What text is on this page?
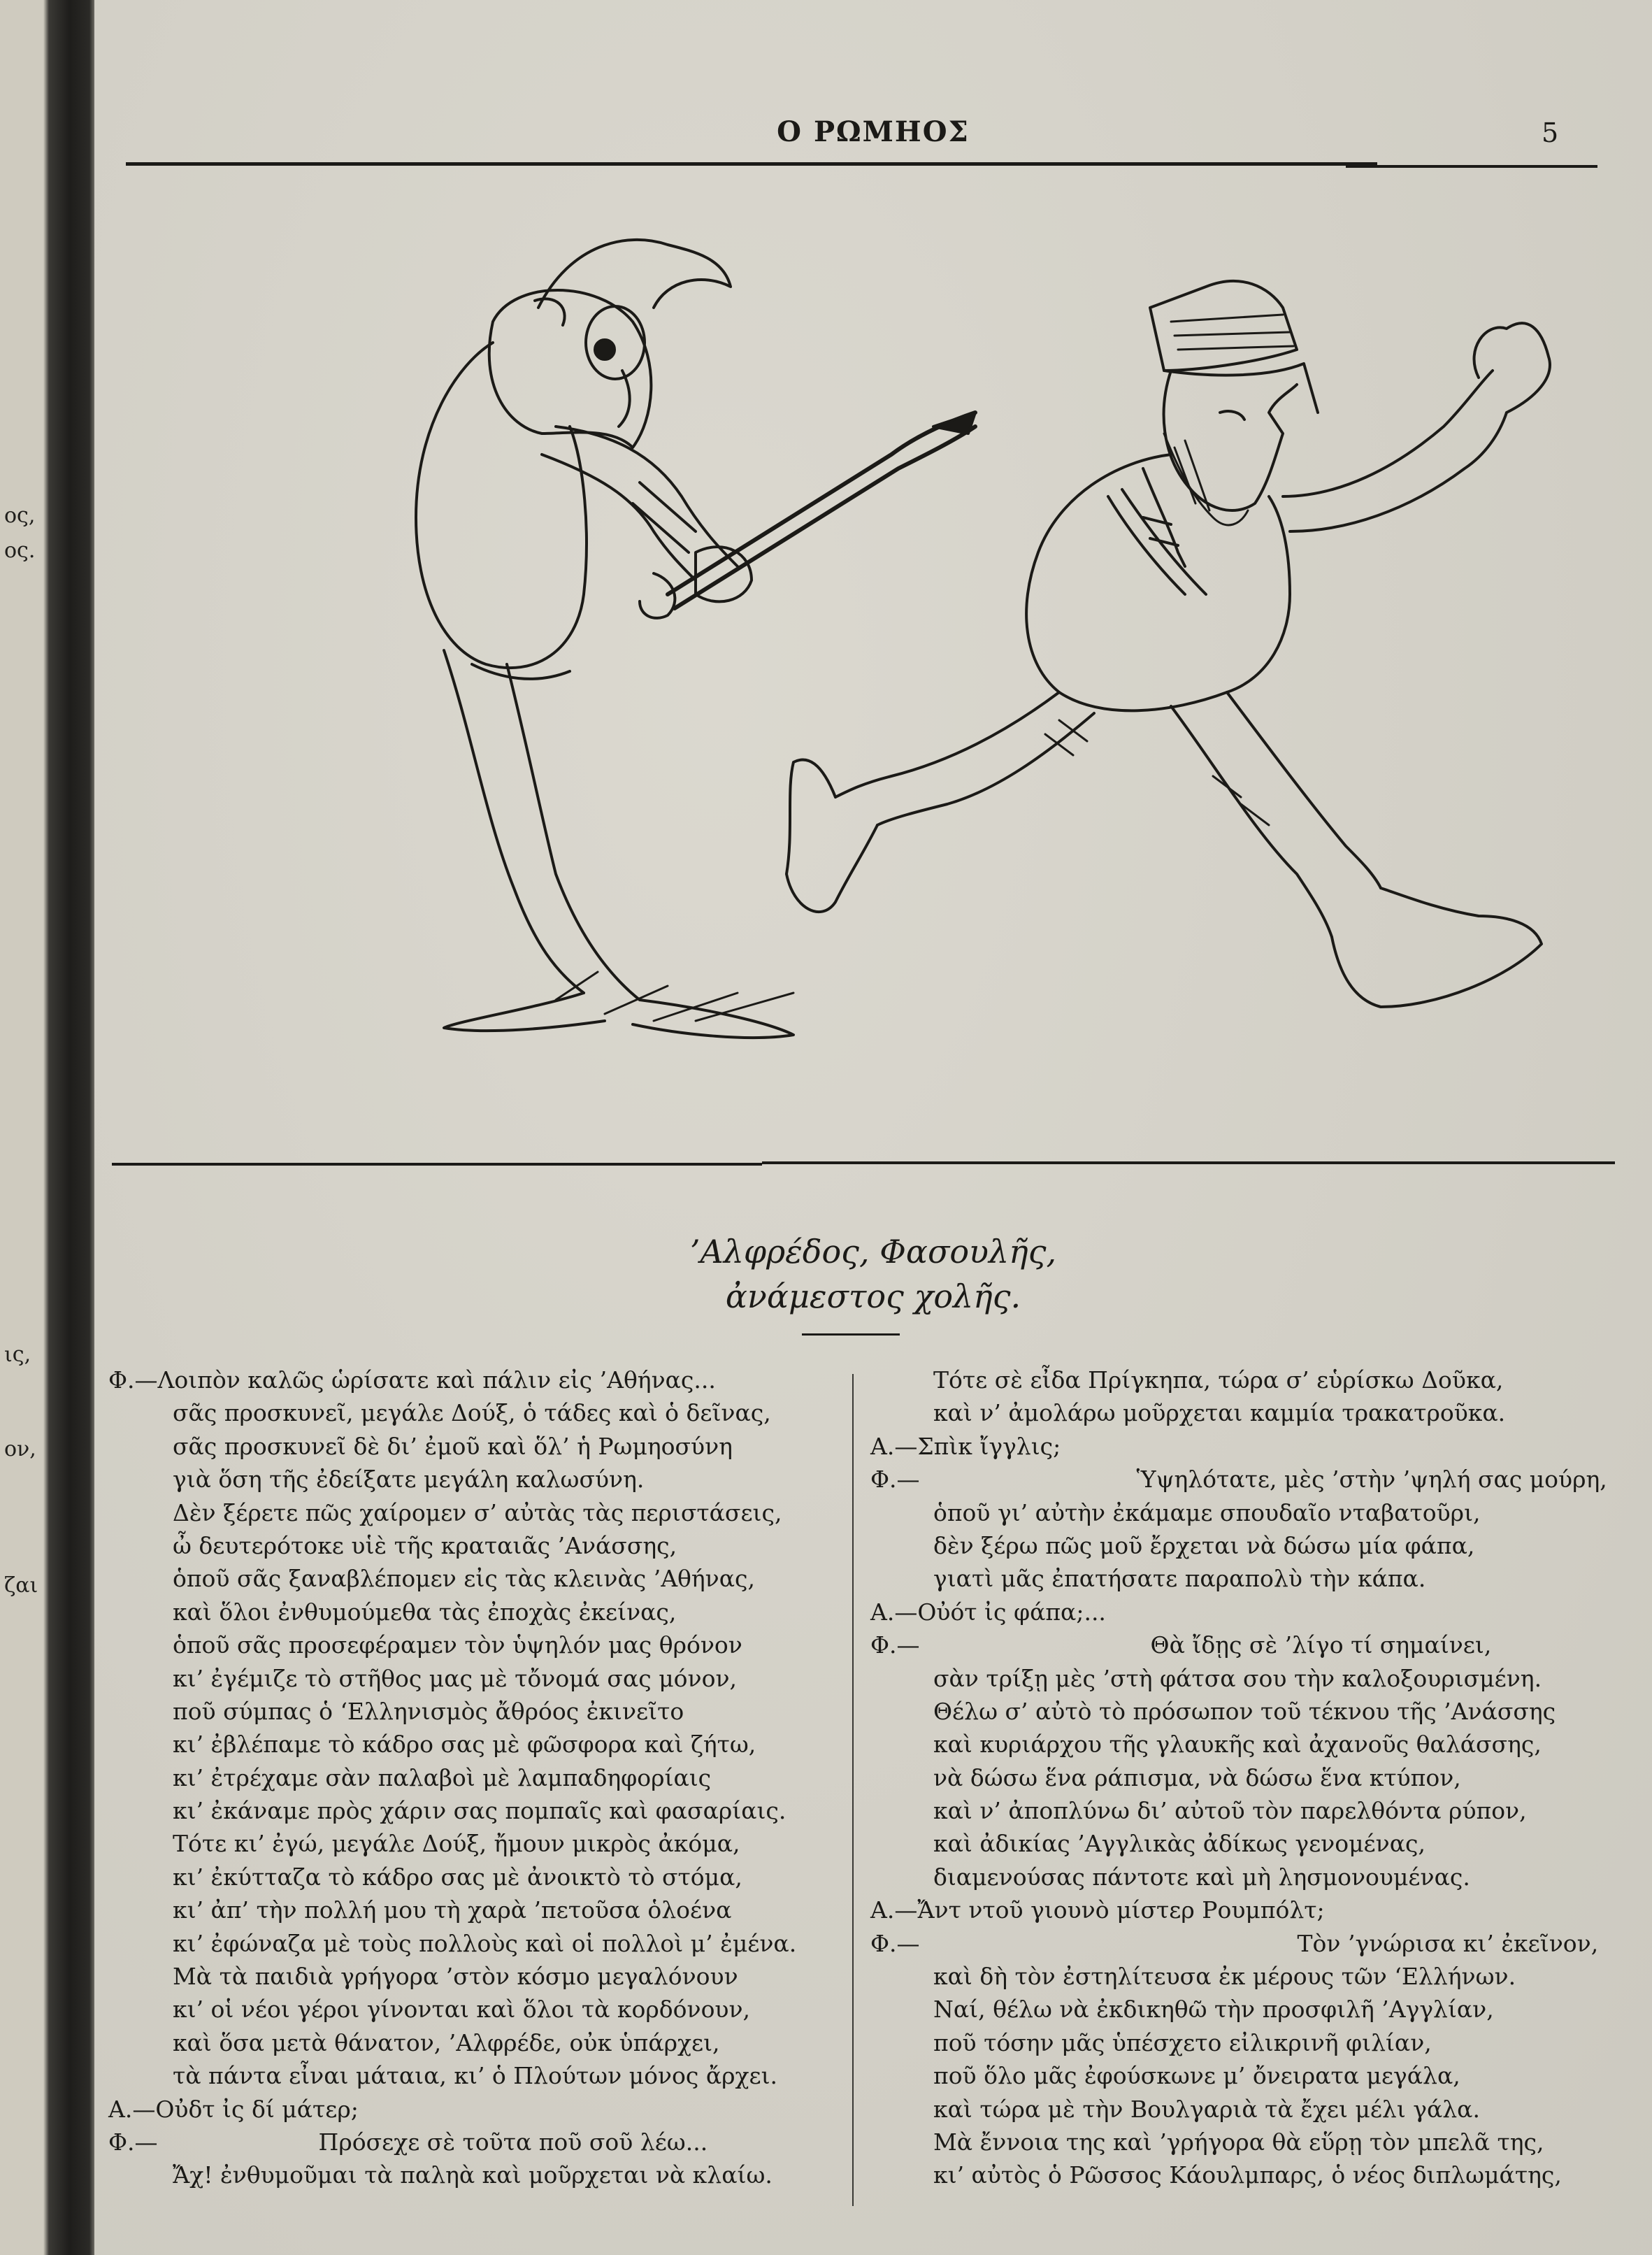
ος,
ος.
ις,
ον,
ζαι
Ο ΡΩΜΗΟΣ	5
’Αλφρέδος, Φασουλῆς,
ἀνάμεστος χολῆς.
Φ.—Λοιπὸν καλῶς ὡρίσατε καὶ πάλιν εἰς ’Αθήνας...
σᾶς προσκυνεῖ, μεγάλε Δούξ, ὁ τάδες καὶ ὁ δεῖνας,
σᾶς προσκυνεῖ δὲ δι’ ἐμοῦ καὶ ὅλ’ ἡ Ρωμηοσύνη
γιὰ ὅση τῆς ἐδείξατε μεγάλη καλωσύνη.
Δὲν ξέρετε πῶς χαίρομεν σ’ αὐτὰς τὰς περιστάσεις,
ὦ δευτερότοκε υἱὲ τῆς κραταιᾶς ’Ανάσσης,
ὁποῦ σᾶς ξαναβλέπομεν εἰς τὰς κλεινὰς ’Αθήνας,
καὶ ὅλοι ἐνθυμούμεθα τὰς ἐποχὰς ἐκείνας,
ὁποῦ σᾶς προσεφέραμεν τὸν ὑψηλόν μας θρόνον
κι’ ἐγέμιζε τὸ στῆθος μας μὲ τὄνομά σας μόνον,
ποῦ σύμπας ὁ ‘Ελληνισμὸς ἄθρόος ἐκινεῖτο
κι’ ἐβλέπαμε τὸ κάδρο σας μὲ φῶσφορα καὶ ζήτω,
κι’ ἐτρέχαμε σὰν παλαβοὶ μὲ λαμπαδηφορίαις
κι’ ἐκάναμε πρὸς χάριν σας πομπαῖς καὶ φασαρίαις.
Τότε κι’ ἐγώ, μεγάλε Δούξ, ἤμουν μικρὸς ἀκόμα,
κι’ ἐκύτταζα τὸ κάδρο σας μὲ ἀνοικτὸ τὸ στόμα,
κι’ ἀπ’ τὴν πολλή μου τὴ χαρὰ ’πετοῦσα ὁλοένα
κι’ ἐφώναζα μὲ τοὺς πολλοὺς καὶ οἱ πολλοὶ μ’ ἐμένα.
Μὰ τὰ παιδιὰ γρήγορα ’στὸν κόσμο μεγαλόνουν
κι’ οἱ νέοι γέροι γίνονται καὶ ὅλοι τὰ κορδόνουν,
καὶ ὅσα μετὰ θάνατον, ’Αλφρέδε, οὐκ ὑπάρχει,
τὰ πάντα εἶναι μάταια, κι’ ὁ Πλούτων μόνος ἄρχει.
Α.—Οὐδτ ἰς δί μάτερ;
Φ.—	Πρόσεχε σὲ τοῦτα ποῦ σοῦ λέω...
Ἄχ! ἐνθυμοῦμαι τὰ παληὰ καὶ μοῦρχεται νὰ κλαίω.
Τότε σὲ εἶδα Πρίγκηπα, τώρα σ’ εὑρίσκω Δοῦκα,
καὶ ν’ ἀμολάρω μοῦρχεται καμμία τρακατροῦκα.
Α.—Σπὶκ ἴγγλις;
Φ.—	Ὑψηλότατε, μὲς ’στὴν ’ψηλή σας μούρη,
ὁποῦ γι’ αὐτὴν ἐκάμαμε σπουδαῖο νταβατοῦρι,
δὲν ξέρω πῶς μοῦ ἔρχεται νὰ δώσω μία φάπα,
γιατὶ μᾶς ἐπατήσατε παραπολὺ τὴν κάπα.
Α.—Οὐότ ἰς φάπα;...
Φ.—	Θὰ ἴδῃς σὲ ’λίγο τί σημαίνει,
σὰν τρίξῃ μὲς ’στὴ φάτσα σου τὴν καλοξουρισμένη.
Θέλω σ’ αὐτὸ τὸ πρόσωπον τοῦ τέκνου τῆς ’Ανάσσης
καὶ κυριάρχου τῆς γλαυκῆς καὶ ἀχανοῦς θαλάσσης,
νὰ δώσω ἕνα ράπισμα, νὰ δώσω ἕνα κτύπον,
καὶ ν’ ἀποπλύνω δι’ αὐτοῦ τὸν παρελθόντα ρύπον,
καὶ ἀδικίας ’Αγγλικὰς ἀδίκως γενομένας,
διαμενούσας πάντοτε καὶ μὴ λησμονουμένας.
Α.—Ἄντ ντοῦ γιουνὸ μίστερ Ρουμπόλτ;
Φ.—	Τὸν ’γνώρισα κι’ ἐκεῖνον,
καὶ δὴ τὸν ἐστηλίτευσα ἐκ μέρους τῶν ‘Ελλήνων.
Ναί, θέλω νὰ ἐκδικηθῶ τὴν προσφιλῆ ’Αγγλίαν,
ποῦ τόσην μᾶς ὑπέσχετο εἰλικρινῆ φιλίαν,
ποῦ ὅλο μᾶς ἐφούσκωνε μ’ ὄνειρατα μεγάλα,
καὶ τώρα μὲ τὴν Βουλγαριὰ τὰ ἔχει μέλι γάλα.
Μὰ ἔννοια της καὶ ’γρήγορα θὰ εὕρῃ τὸν μπελᾶ της,
κι’ αὐτὸς ὁ Ρῶσσος Κάουλμπαρς, ὁ νέος διπλωμάτης,
